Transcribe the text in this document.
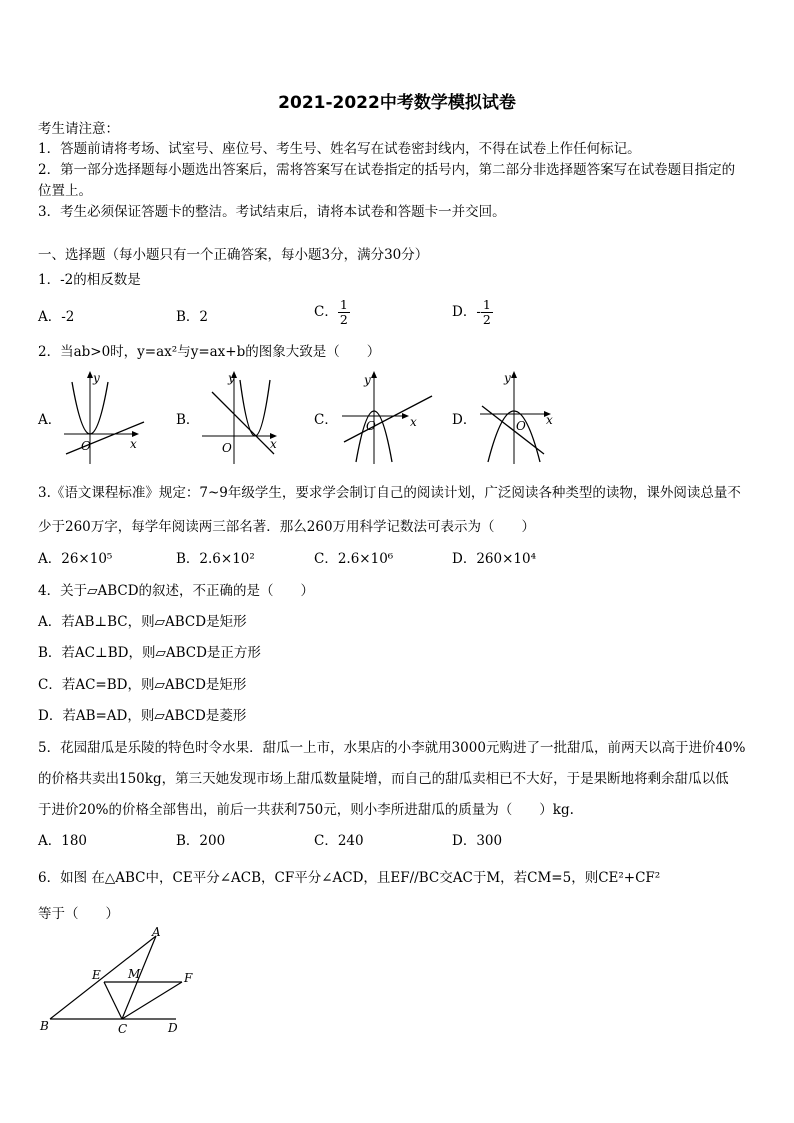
2021-2022中考数学模拟试卷
考生请注意：
1．答题前请将考场、试室号、座位号、考生号、姓名写在试卷密封线内，不得在试卷上作任何标记。
2．第一部分选择题每小题选出答案后，需将答案写在试卷指定的括号内，第二部分非选择题答案写在试卷题目指定的
位置上。
3．考生必须保证答题卡的整洁。考试结束后，请将本试卷和答题卡一并交回。
一、选择题（每小题只有一个正确答案，每小题3分，满分30分）
1．-2的相反数是
A．-2	B．2	C． $\frac{1}{2}$	D．- $\frac{1}{2}$
2．当ab>0时，y=ax²与y=ax+b的图象大致是（　　）
A．	B．	C．	D．
O	x
y
O	x
y
O	x
y
O x
y
3.《语文课程标准》规定：7~9年级学生，要求学会制订自己的阅读计划，广泛阅读各种类型的读物，课外阅读总量不
少于260万字，每学年阅读两三部名著．那么260万用科学记数法可表示为（　　）
A．26×10⁵	B．2.6×10²	C．2.6×10⁶	D．260×10⁴
4．关于▱ABCD的叙述，不正确的是（　　）
A．若AB⊥BC，则▱ABCD是矩形
B．若AC⊥BD，则▱ABCD是正方形
C．若AC=BD，则▱ABCD是矩形
D．若AB=AD，则▱ABCD是菱形
5．花园甜瓜是乐陵的特色时令水果．甜瓜一上市，水果店的小李就用3000元购进了一批甜瓜，前两天以高于进价40%
的价格共卖出150kg，第三天她发现市场上甜瓜数量陡增，而自己的甜瓜卖相已不大好，于是果断地将剩余甜瓜以低
于进价20%的价格全部售出，前后一共获利750元，则小李所进甜瓜的质量为（　　）kg.
A．180	B．200	C．240	D．300
6．如图 在△ABC中，CE平分∠ACB，CF平分∠ACD，且EF//BC交AC于M，若CM=5，则CE²+CF²
等于（　　）
A
B	C	D
E	F
M
